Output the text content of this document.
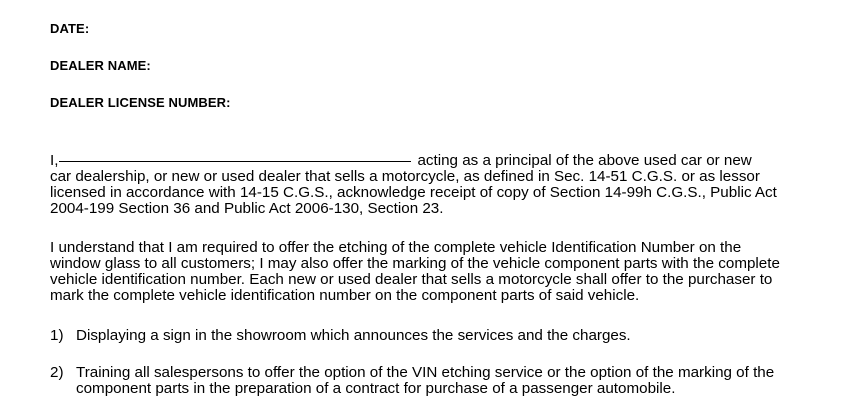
DATE:
DEALER NAME:
DEALER LICENSE NUMBER:
I,	acting as a principal of the above used car or new
car dealership, or new or used dealer that sells a motorcycle, as defined in Sec. 14-51 C.G.S. or as lessor
licensed in accordance with 14-15 C.G.S., acknowledge receipt of copy of Section 14-99h C.G.S., Public Act
2004-199 Section 36 and Public Act 2006-130, Section 23.
I understand that I am required to offer the etching of the complete vehicle Identification Number on the
window glass to all customers; I may also offer the marking of the vehicle component parts with the complete
vehicle identification number. Each new or used dealer that sells a motorcycle shall offer to the purchaser to
mark the complete vehicle identification number on the component parts of said vehicle.
1) Displaying a sign in the showroom which announces the services and the charges.
2) Training all salespersons to offer the option of the VIN etching service or the option of the marking of the
component parts in the preparation of a contract for purchase of a passenger automobile.
